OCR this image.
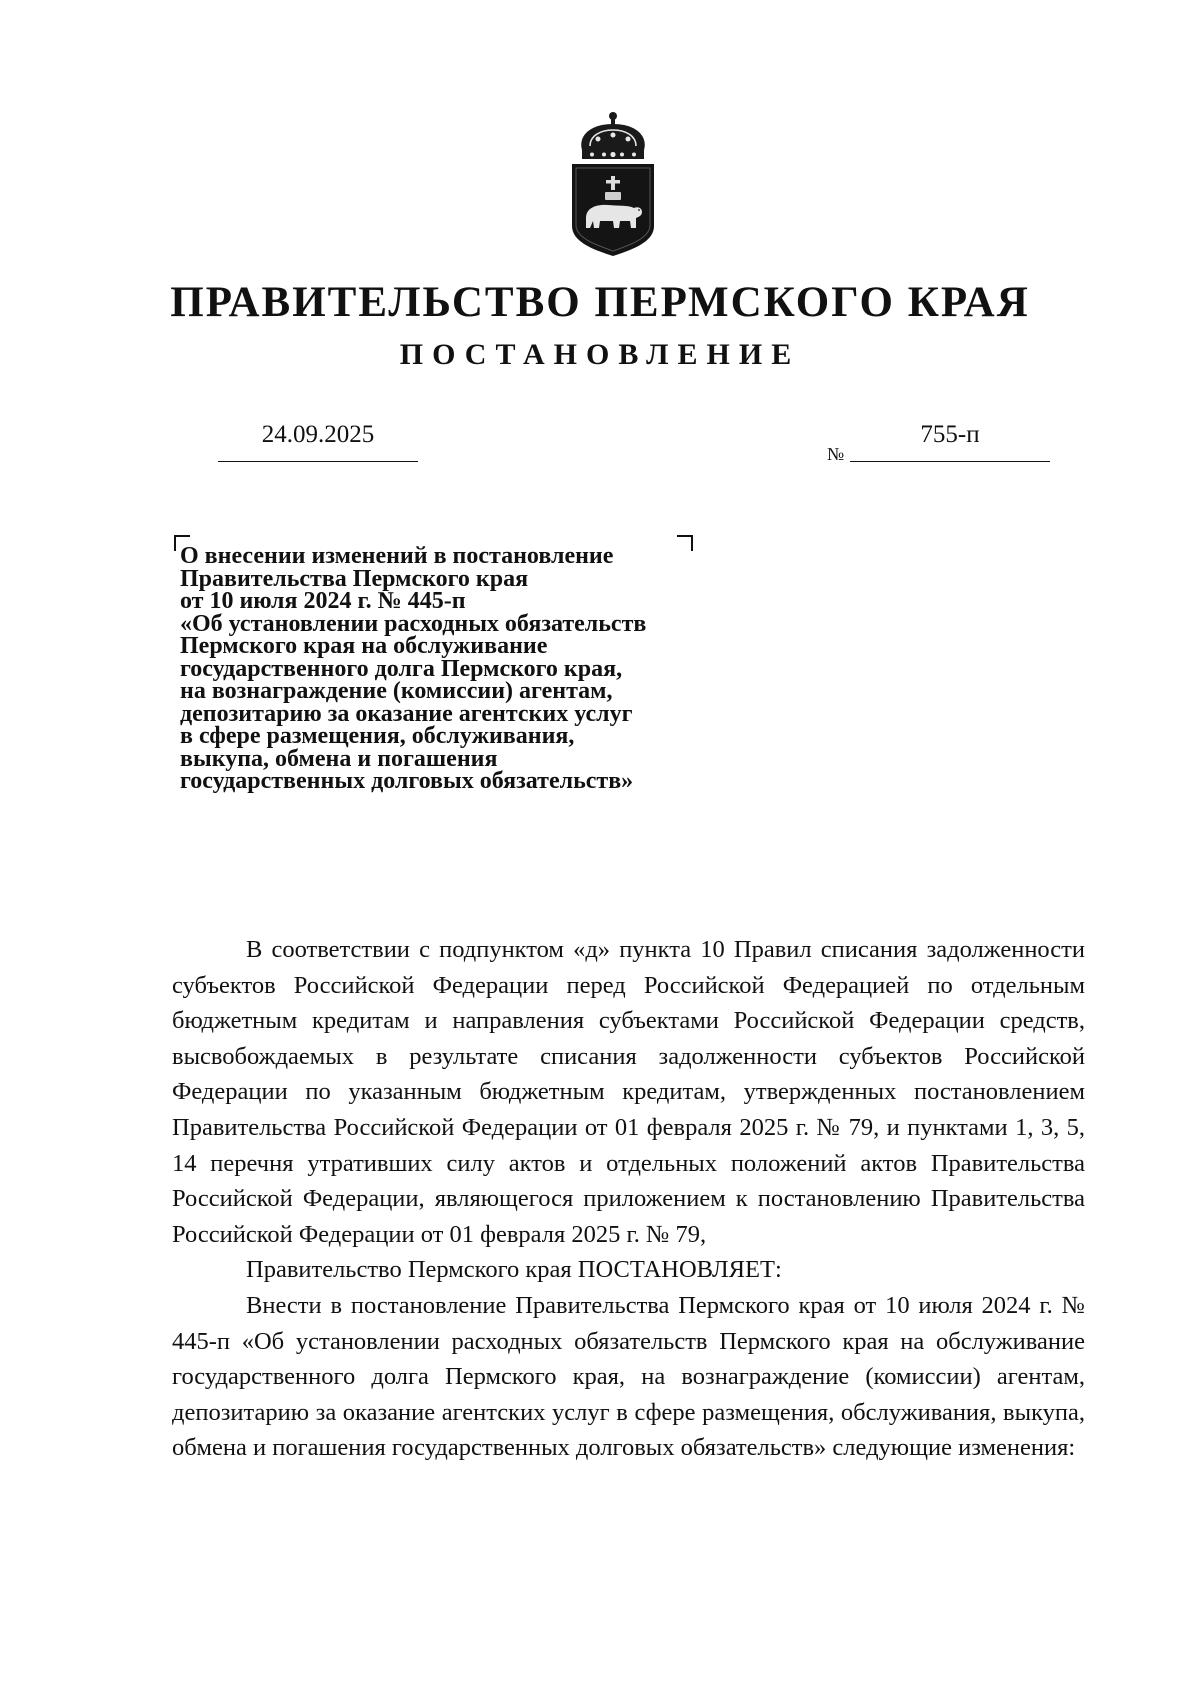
ПРАВИТЕЛЬСТВО ПЕРМСКОГО КРАЯ
ПОСТАНОВЛЕНИЕ
24.09.2025
№
755-п
О внесении изменений в постановление
Правительства Пермского края
от 10 июля 2024 г. № 445-п
«Об установлении расходных обязательств
Пермского края на обслуживание
государственного долга Пермского края,
на вознаграждение (комиссии) агентам,
депозитарию за оказание агентских услуг
в сфере размещения, обслуживания,
выкупа, обмена и погашения
государственных долговых обязательств»

В соответствии с подпунктом «д» пункта 10 Правил списания задолженности субъектов Российской Федерации перед Российской Федерацией по отдельным бюджетным кредитам и направления субъектами Российской Федерации средств, высвобождаемых в результате списания задолженности субъектов Российской Федерации по указанным бюджетным кредитам, утвержденных постановлением Правительства Российской Федерации от 01 февраля 2025 г. № 79, и пунктами 1, 3, 5, 14 перечня утративших силу актов и отдельных положений актов Правительства Российской Федерации, являющегося приложением к постановлению Правительства Российской Федерации от 01 февраля 2025 г. № 79,

Правительство Пермского края ПОСТАНОВЛЯЕТ:

Внести в постановление Правительства Пермского края от 10 июля 2024 г. № 445-п «Об установлении расходных обязательств Пермского края на обслуживание государственного долга Пермского края, на вознаграждение (комиссии) агентам, депозитарию за оказание агентских услуг в сфере размещения, обслуживания, выкупа, обмена и погашения государственных долговых обязательств» следующие изменения:
